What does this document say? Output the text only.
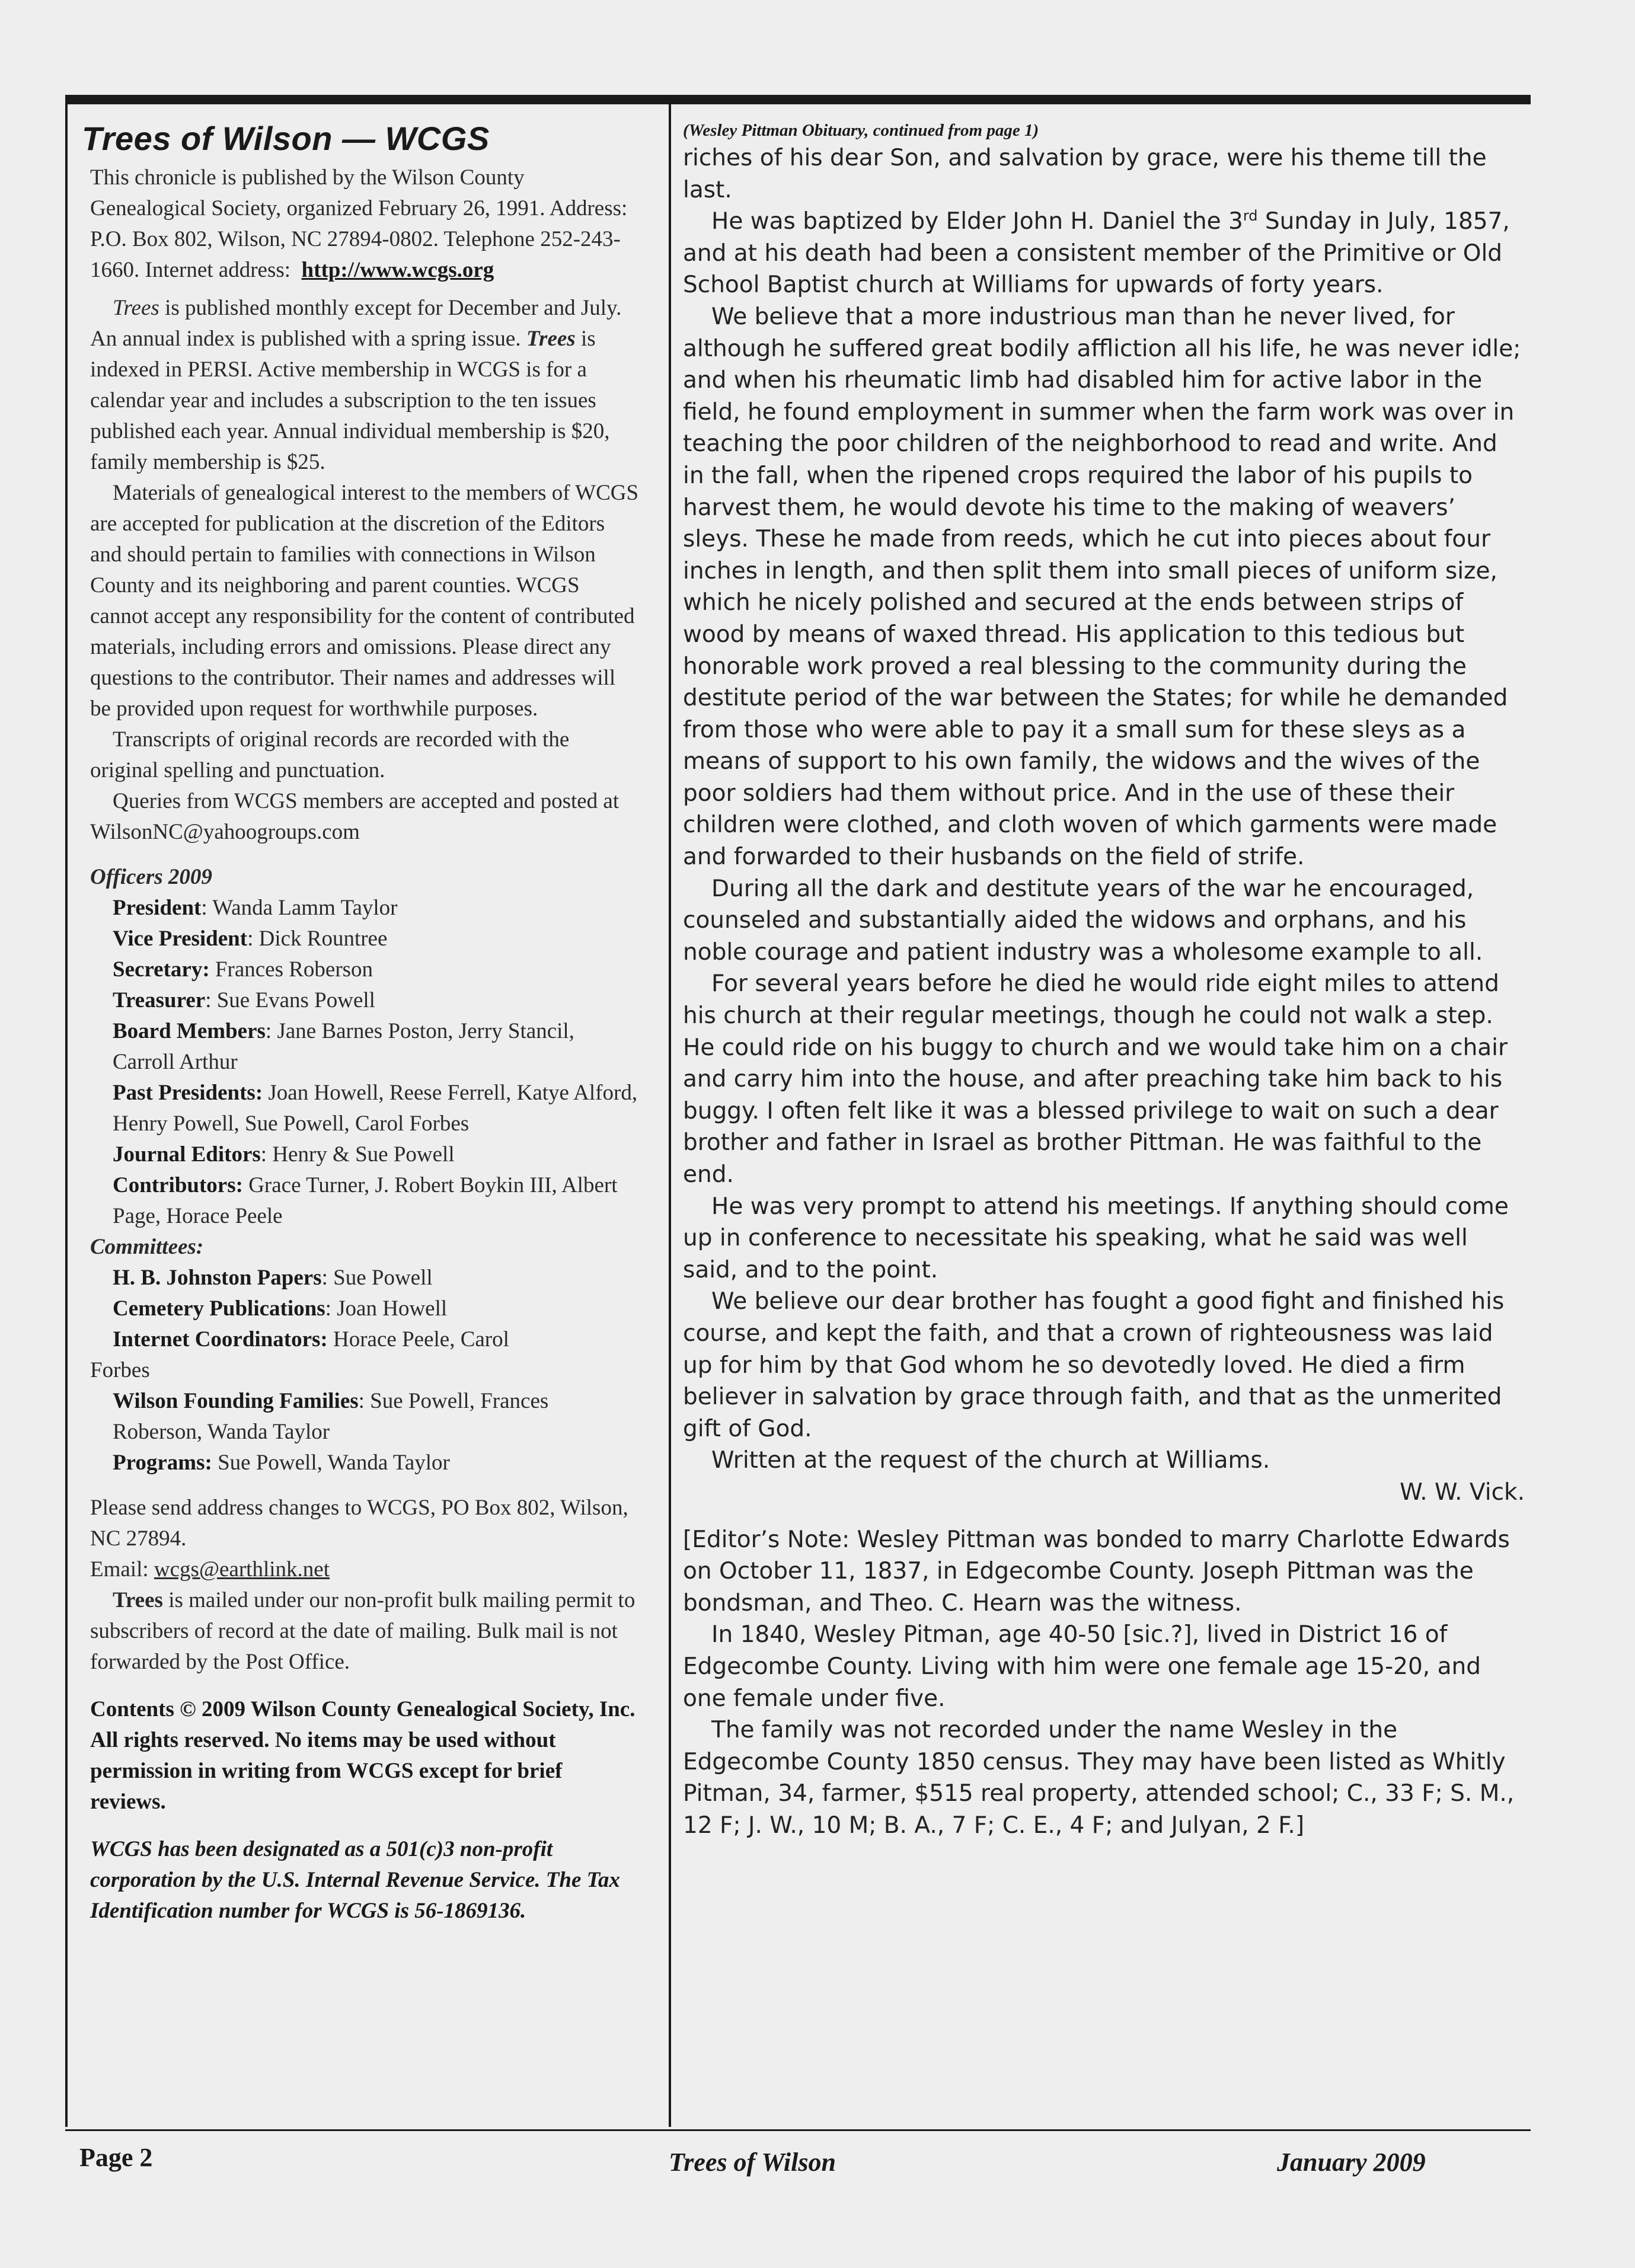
Trees of Wilson — WCGS

This chronicle is published by the Wilson County Genealogical Society, organized February 26, 1991. Address: P.O. Box 802, Wilson, NC 27894-0802. Telephone 252-243-1660. Internet address: http://www.wcgs.org

Trees is published monthly except for December and July. An annual index is published with a spring issue. Trees is indexed in PERSI. Active membership in WCGS is for a calendar year and includes a subscription to the ten issues published each year. Annual individual membership is $20, family membership is $25.

Materials of genealogical interest to the members of WCGS are accepted for publication at the discretion of the Editors and should pertain to families with connections in Wilson County and its neighboring and parent counties. WCGS cannot accept any responsibility for the content of contributed materials, including errors and omissions. Please direct any questions to the contributor. Their names and addresses will be provided upon request for worthwhile purposes.

Transcripts of original records are recorded with the original spelling and punctuation.

Queries from WCGS members are accepted and posted at WilsonNC@yahoogroups.com

Officers 2009

President: Wanda Lamm Taylor

Vice President: Dick Rountree

Secretary: Frances Roberson

Treasurer: Sue Evans Powell

Board Members: Jane Barnes Poston, Jerry Stancil, Carroll Arthur

Past Presidents: Joan Howell, Reese Ferrell, Katye Alford, Henry Powell, Sue Powell, Carol Forbes

Journal Editors: Henry & Sue Powell

Contributors: Grace Turner, J. Robert Boykin III, Albert Page, Horace Peele

Committees:

H. B. Johnston Papers: Sue Powell

Cemetery Publications: Joan Howell

Internet Coordinators: Horace Peele, Carol

Forbes

Wilson Founding Families: Sue Powell, Frances Roberson, Wanda Taylor

Programs: Sue Powell, Wanda Taylor

Please send address changes to WCGS, PO Box 802, Wilson, NC 27894.

Email: wcgs@earthlink.net

Trees is mailed under our non-profit bulk mailing permit to subscribers of record at the date of mailing. Bulk mail is not forwarded by the Post Office.

Contents © 2009 Wilson County Genealogical Society, Inc. All rights reserved. No items may be used without permission in writing from WCGS except for brief reviews.

WCGS has been designated as a 501(c)3 non-profit corporation by the U.S. Internal Revenue Service. The Tax Identification number for WCGS is 56-1869136.

(Wesley Pittman Obituary, continued from page 1)

riches of his dear Son, and salvation by grace, were his theme till the last.

He was baptized by Elder John H. Daniel the 3rd Sunday in July, 1857, and at his death had been a consistent member of the Primitive or Old School Baptist church at Williams for upwards of forty years.

We believe that a more industrious man than he never lived, for although he suffered great bodily affliction all his life, he was never idle; and when his rheumatic limb had disabled him for active labor in the field, he found employment in summer when the farm work was over in teaching the poor children of the neighborhood to read and write. And in the fall, when the ripened crops required the labor of his pupils to harvest them, he would devote his time to the making of weavers’ sleys. These he made from reeds, which he cut into pieces about four inches in length, and then split them into small pieces of uniform size, which he nicely polished and secured at the ends between strips of wood by means of waxed thread. His application to this tedious but honorable work proved a real blessing to the community during the destitute period of the war between the States; for while he demanded from those who were able to pay it a small sum for these sleys as a means of support to his own family, the widows and the wives of the poor soldiers had them without price. And in the use of these their children were clothed, and cloth woven of which garments were made and forwarded to their husbands on the field of strife.

During all the dark and destitute years of the war he encouraged, counseled and substantially aided the widows and orphans, and his noble courage and patient industry was a wholesome example to all.

For several years before he died he would ride eight miles to attend his church at their regular meetings, though he could not walk a step. He could ride on his buggy to church and we would take him on a chair and carry him into the house, and after preaching take him back to his buggy. I often felt like it was a blessed privilege to wait on such a dear brother and father in Israel as brother Pittman. He was faithful to the end.

He was very prompt to attend his meetings. If anything should come up in conference to necessitate his speaking, what he said was well said, and to the point.

We believe our dear brother has fought a good fight and finished his course, and kept the faith, and that a crown of righteousness was laid up for him by that God whom he so devotedly loved. He died a firm believer in salvation by grace through faith, and that as the unmerited gift of God.

Written at the request of the church at Williams.

W. W. Vick.

[Editor’s Note: Wesley Pittman was bonded to marry Charlotte Edwards on October 11, 1837, in Edgecombe County. Joseph Pittman was the bondsman, and Theo. C. Hearn was the witness.

In 1840, Wesley Pitman, age 40-50 [sic.?], lived in District 16 of Edgecombe County. Living with him were one female age 15-20, and one female under five.

The family was not recorded under the name Wesley in the Edgecombe County 1850 census. They may have been listed as Whitly Pitman, 34, farmer, $515 real property, attended school; C., 33 F; S. M., 12 F; J. W., 10 M; B. A., 7 F; C. E., 4 F; and Julyan, 2 F.]

Page 2	Trees of Wilson	January 2009
